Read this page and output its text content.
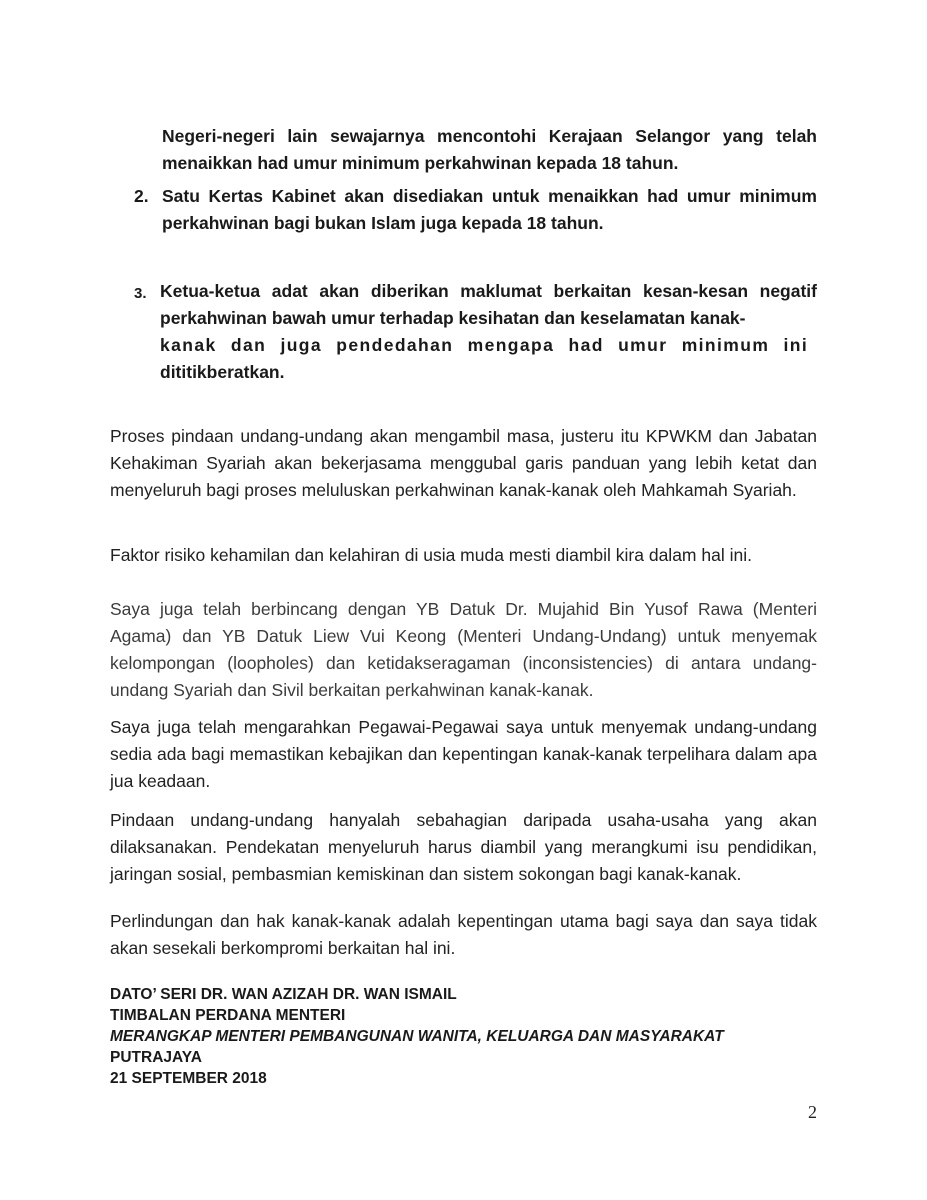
Negeri-negeri lain sewajarnya mencontohi Kerajaan Selangor yang telah menaikkan had umur minimum perkahwinan kepada 18 tahun.
2. Satu Kertas Kabinet akan disediakan untuk menaikkan had umur minimum perkahwinan bagi bukan Islam juga kepada 18 tahun.
3. Ketua-ketua adat akan diberikan maklumat berkaitan kesan-kesan negatif perkahwinan bawah umur terhadap kesihatan dan keselamatan kanak-
kanak dan juga pendedahan mengapa had umur minimum ini
dititikberatkan.
Proses pindaan undang-undang akan mengambil masa, justeru itu KPWKM dan Jabatan Kehakiman Syariah akan bekerjasama menggubal garis panduan yang lebih ketat dan menyeluruh bagi proses meluluskan perkahwinan kanak-kanak oleh Mahkamah Syariah.
Faktor risiko kehamilan dan kelahiran di usia muda mesti diambil kira dalam hal ini.
Saya juga telah berbincang dengan YB Datuk Dr. Mujahid Bin Yusof Rawa (Menteri Agama) dan YB Datuk Liew Vui Keong (Menteri Undang-Undang) untuk menyemak kelompongan (loopholes) dan ketidakseragaman (inconsistencies) di antara undang-undang Syariah dan Sivil berkaitan perkahwinan kanak-kanak.
Saya juga telah mengarahkan Pegawai-Pegawai saya untuk menyemak undang-undang sedia ada bagi memastikan kebajikan dan kepentingan kanak-kanak terpelihara dalam apa jua keadaan.
Pindaan undang-undang hanyalah sebahagian daripada usaha-usaha yang akan dilaksanakan. Pendekatan menyeluruh harus diambil yang merangkumi isu pendidikan, jaringan sosial, pembasmian kemiskinan dan sistem sokongan bagi kanak-kanak.
Perlindungan dan hak kanak-kanak adalah kepentingan utama bagi saya dan saya tidak akan sesekali berkompromi berkaitan hal ini.
DATO’ SERI DR. WAN AZIZAH DR. WAN ISMAIL
TIMBALAN PERDANA MENTERI
MERANGKAP MENTERI PEMBANGUNAN WANITA, KELUARGA DAN MASYARAKAT
PUTRAJAYA
21 SEPTEMBER 2018
2
